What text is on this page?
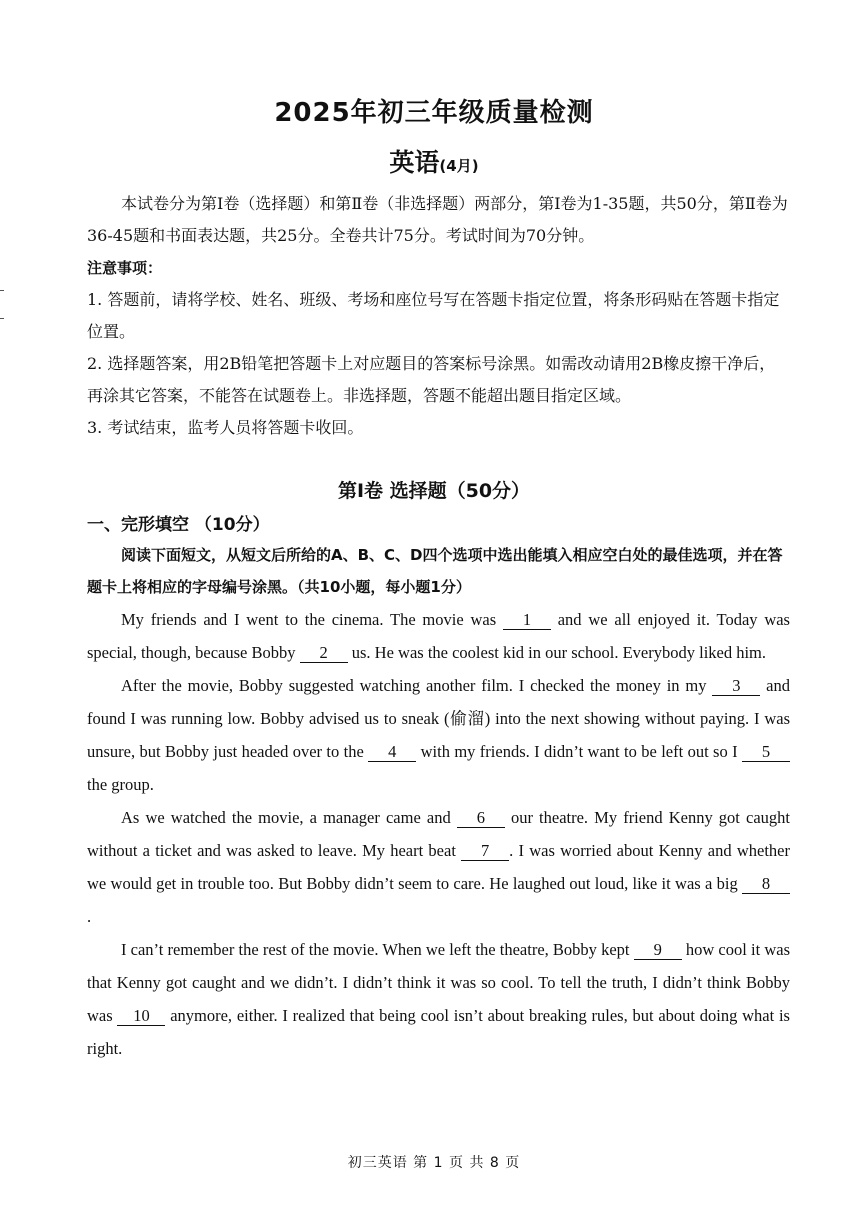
2025年初三年级质量检测
英语(4月)

本试卷分为第Ⅰ卷（选择题）和第Ⅱ卷（非选择题）两部分，第Ⅰ卷为1-35题，共50分，第Ⅱ卷为36-45题和书面表达题，共25分。全卷共计75分。考试时间为70分钟。

注意事项：

1. 答题前，请将学校、姓名、班级、考场和座位号写在答题卡指定位置，将条形码贴在答题卡指定位置。

2. 选择题答案，用2B铅笔把答题卡上对应题目的答案标号涂黑。如需改动请用2B橡皮擦干净后，再涂其它答案，不能答在试题卷上。非选择题，答题不能超出题目指定区域。

3. 考试结束，监考人员将答题卡收回。

第Ⅰ卷 选择题（50分）
一、完形填空 （10分）

阅读下面短文，从短文后所给的A、B、C、D四个选项中选出能填入相应空白处的最佳选项，并在答题卡上将相应的字母编号涂黑。（共10小题，每小题1分）

My friends and I went to the cinema. The movie was 1 and we all enjoyed it. Today was special, though, because Bobby 2 us. He was the coolest kid in our school. Everybody liked him.

After the movie, Bobby suggested watching another film. I checked the money in my 3 and found I was running low. Bobby advised us to sneak (偷溜) into the next showing without paying. I was unsure, but Bobby just headed over to the 4 with my friends. I didn’t want to be left out so I 5 the group.

As we watched the movie, a manager came and 6 our theatre. My friend Kenny got caught without a ticket and was asked to leave. My heart beat 7 . I was worried about Kenny and whether we would get in trouble too. But Bobby didn’t seem to care. He laughed out loud, like it was a big 8.

I can’t remember the rest of the movie. When we left the theatre, Bobby kept 9 how cool it was that Kenny got caught and we didn’t. I didn’t think it was so cool. To tell the truth, I didn’t think Bobby was 10 anymore, either. I realized that being cool isn’t about breaking rules, but about doing what is right.

初三英语 第 1 页 共 8 页
